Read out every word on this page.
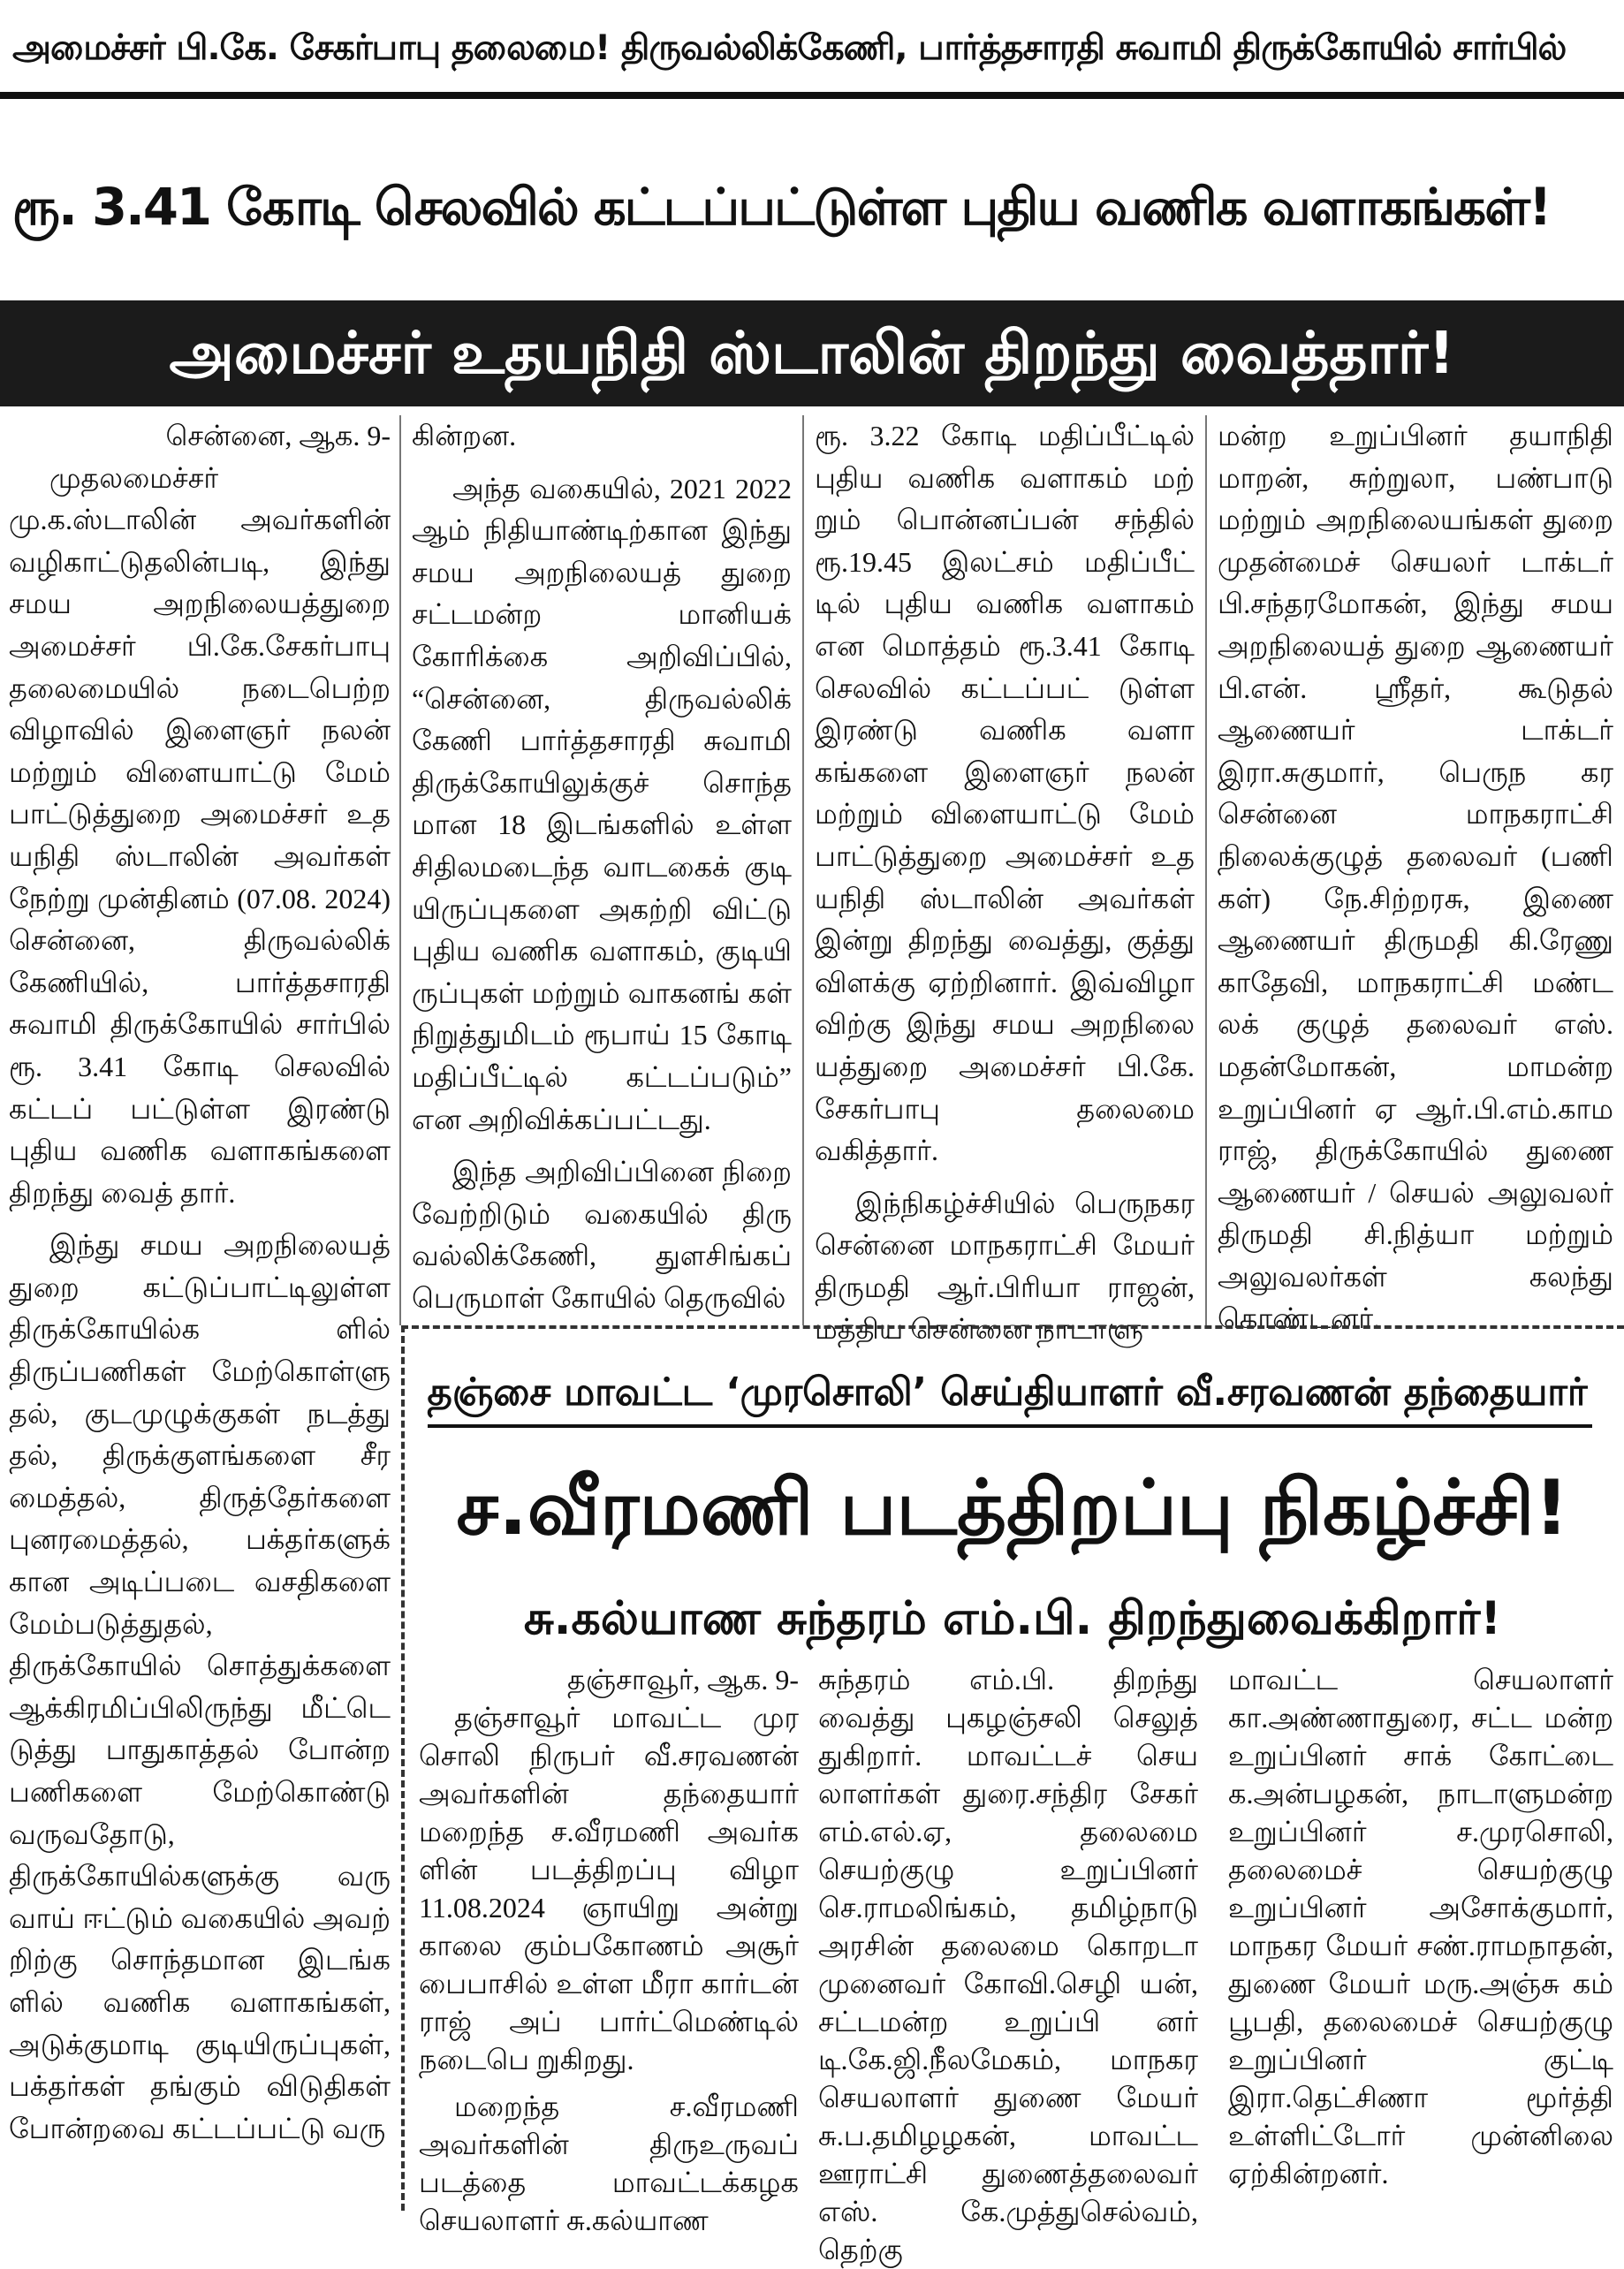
அமைச்சர் பி.கே. சேகர்பாபு தலைமை! திருவல்லிக்கேணி, பார்த்தசாரதி சுவாமி திருக்கோயில் சார்பில்
ரூ. 3.41 கோடி செலவில் கட்டப்பட்டுள்ள புதிய வணிக வளாகங்கள்!
அமைச்சர் உதயநிதி ஸ்டாலின் திறந்து வைத்தார்!

சென்னை, ஆக. 9-

முதலமைச்சர் மு.க.ஸ்டாலின் அவர்களின் வழிகாட்டுதலின்படி, இந்து சமய அறநிலையத்துறை அமைச்சர் பி.கே.சேகர்பாபு தலைமையில் நடைபெற்ற விழாவில் இளைஞர் நலன் மற்றும் விளையாட்டு மேம் பாட்டுத்துறை அமைச்சர் உத யநிதி ஸ்டாலின் அவர்கள் நேற்று முன்தினம் (07.08. 2024) சென்னை, திருவல்லிக் கேணியில், பார்த்தசாரதி சுவாமி திருக்கோயில் சார்பில் ரூ. 3.41 கோடி செலவில் கட்டப் பட்டுள்ள இரண்டு புதிய வணிக வளாகங்களை திறந்து வைத் தார்.

இந்து சமய அறநிலையத் துறை கட்டுப்பாட்டிலுள்ள திருக்கோயில்க ளில் திருப்பணிகள் மேற்கொள்ளு தல், குடமுழுக்குகள் நடத்து தல், திருக்குளங்களை சீர மைத்தல், திருத்தேர்களை புனரமைத்தல், பக்தர்களுக் கான அடிப்படை வசதிகளை மேம்படுத்துதல், திருக்கோயில் சொத்துக்களை ஆக்கிரமிப்பிலிருந்து மீட்டெ டுத்து பாதுகாத்தல் போன்ற பணிகளை மேற்கொண்டு வருவதோடு, திருக்கோயில்களுக்கு வரு வாய் ஈட்டும் வகையில் அவற் றிற்கு சொந்தமான இடங்க ளில் வணிக வளாகங்கள், அடுக்குமாடி குடியிருப்புகள், பக்தர்கள் தங்கும் விடுதிகள் போன்றவை கட்டப்பட்டு வரு

கின்றன.

அந்த வகையில், 2021 2022 ஆம் நிதியாண்டிற்கான இந்து சமய அறநிலையத் துறை சட்டமன்ற மானியக் கோரிக்கை அறிவிப்பில், “சென்னை, திருவல்லிக் கேணி பார்த்தசாரதி சுவாமி திருக்கோயிலுக்குச் சொந்த மான 18 இடங்களில் உள்ள சிதிலமடைந்த வாடகைக் குடி யிருப்புகளை அகற்றி விட்டு புதிய வணிக வளாகம், குடியி ருப்புகள் மற்றும் வாகனங் கள் நிறுத்துமிடம் ரூபாய் 15 கோடி மதிப்பீட்டில் கட்டப்படும்” என அறிவிக்கப்பட்டது.

இந்த அறிவிப்பினை நிறை வேற்றிடும் வகையில் திரு வல்லிக்கேணி, துளசிங்கப் பெருமாள் கோயில் தெருவில்

ரூ. 3.22 கோடி மதிப்பீட்டில் புதிய வணிக வளாகம் மற் றும் பொன்னப்பன் சந்தில் ரூ.19.45 இலட்சம் மதிப்பீட் டில் புதிய வணிக வளாகம் என மொத்தம் ரூ.3.41 கோடி செலவில் கட்டப்பட் டுள்ள இரண்டு வணிக வளா கங்களை இளைஞர் நலன் மற்றும் விளையாட்டு மேம் பாட்டுத்துறை அமைச்சர் உத யநிதி ஸ்டாலின் அவர்கள் இன்று திறந்து வைத்து, குத்து விளக்கு ஏற்றினார். இவ்விழா விற்கு இந்து சமய அறநிலை யத்துறை அமைச்சர் பி.கே. சேகர்பாபு தலைமை வகித்தார்.

இந்நிகழ்ச்சியில் பெருநகர சென்னை மாநகராட்சி மேயர் திருமதி ஆர்.பிரியா ராஜன், மத்திய சென்னை நாடாளு

மன்ற உறுப்பினர் தயாநிதி மாறன், சுற்றுலா, பண்பாடு மற்றும் அறநிலையங்கள் துறை முதன்மைச் செயலர் டாக்டர் பி.சந்தரமோகன், இந்து சமய அறநிலையத் துறை ஆணையர் பி.என். ஸ்ரீதர், கூடுதல் ஆணையர் டாக்டர் இரா.சுகுமார், பெருந கர சென்னை மாநகராட்சி நிலைக்குழுத் தலைவர் (பணி கள்) நே.சிற்றரசு, இணை ஆணையர் திருமதி கி.ரேணு காதேவி, மாநகராட்சி மண்ட லக் குழுத் தலைவர் எஸ். மதன்மோகன், மாமன்ற உறுப்பினர் ஏ ஆர்.பி.எம்.காம ராஜ், திருக்கோயில் துணை ஆணையர் / செயல் அலுவலர் திருமதி சி.நித்யா மற்றும் அலுவலர்கள் கலந்து கொண்டனர்.

தஞ்சை மாவட்ட ‘முரசொலி’ செய்தியாளர் வீ.சரவணன் தந்தையார்
ச.வீரமணி படத்திறப்பு நிகழ்ச்சி!
சு.கல்யாண சுந்தரம் எம்.பி. திறந்துவைக்கிறார்!

தஞ்சாவூர், ஆக. 9-

தஞ்சாவூர் மாவட்ட முர சொலி நிருபர் வீ.சரவணன் அவர்களின் தந்தையார் மறைந்த ச.வீரமணி அவர்க ளின் படத்திறப்பு விழா 11.08.2024 ஞாயிறு அன்று காலை கும்பகோணம் அசூர் பைபாசில் உள்ள மீரா கார்டன் ராஜ் அப் பார்ட்மெண்டில் நடைபெ றுகிறது.

மறைந்த ச.வீரமணி அவர்களின் திருஉருவப் படத்தை மாவட்டக்கழக செயலாளர் சு.கல்யாண

சுந்தரம் எம்.பி. திறந்து வைத்து புகழஞ்சலி செலுத் துகிறார். மாவட்டச் செய லாளர்கள் துரை.சந்திர சேகர் எம்.எல்.ஏ, தலைமை செயற்குழு உறுப்பினர் செ.ராமலிங்கம், தமிழ்நாடு அரசின் தலைமை கொறடா முனைவர் கோவி.செழி யன், சட்டமன்ற உறுப்பி னர் டி.கே.ஜி.நீலமேகம், மாநகர செயலாளர் துணை மேயர் சு.ப.தமிழழகன், மாவட்ட ஊராட்சி துணைத்தலைவர் எஸ். கே.முத்துசெல்வம், தெற்கு

மாவட்ட செயலாளர் கா.அண்ணாதுரை, சட்ட மன்ற உறுப்பினர் சாக் கோட்டை க.அன்பழகன், நாடாளுமன்ற உறுப்பினர் ச.முரசொலி, தலைமைச் செயற்குழு உறுப்பினர் அசோக்குமார், மாநகர மேயர் சண்.ராமநாதன், துணை மேயர் மரு.அஞ்சு கம் பூபதி, தலைமைச் செயற்குழு உறுப்பினர் குட்டி இரா.தெட்சிணா மூர்த்தி உள்ளிட்டோர் முன்னிலை ஏற்கின்றனர்.
